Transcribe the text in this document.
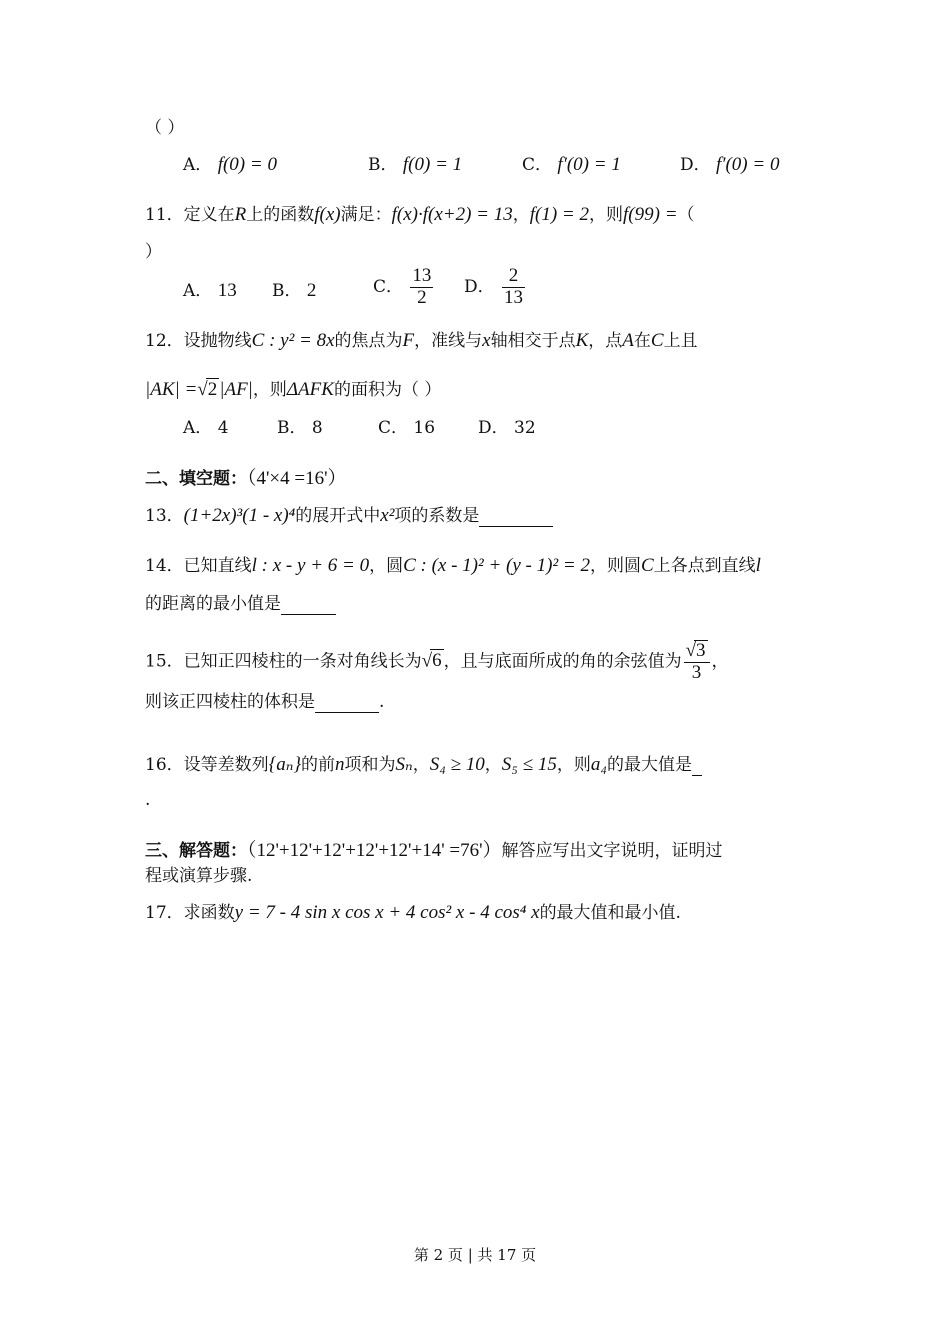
（ ）
A． f(0) = 0	B． f(0) = 1	C． f′(0) = 1	D． f′(0) = 0
11．定义在R上的函数f(x)满足：f(x)·f(x+2) = 13，f(1) = 2，则f(99) =（
）
A． 13 B． 2	C． $\frac{13}{2}$ D． $\frac{2}{13}$
12．设抛物线C : y² = 8x的焦点为F，准线与x轴相交于点K，点A在C上且
|AK| =√2 |AF|，则ΔAFK的面积为（ ）
A． 4	B． 8	C． 16	D． 32
二、填空题：（4'×4 =16'）
13．(1+2x)³(1 - x)⁴的展开式中x²项的系数是
14．已知直线l : x - y + 6 = 0，圆C : (x - 1)² + (y - 1)² = 2，则圆C上各点到直线l
的距离的最小值是
15．已知正四棱柱的一条对角线长为√6 ，且与底面所成的角的余弦值为 $\frac{√3}{3}$ ，
则该正四棱柱的体积是	.
16．设等差数列{aₙ}的前n项和为Sₙ，S₄ ≥ 10，S₅ ≤ 15，则a₄的最大值是
.
三、解答题：（12'+12'+12'+12'+12'+14' =76'）解答应写出文字说明，证明过
程或演算步骤.
17．求函数y = 7 - 4 sin x cos x + 4 cos² x - 4 cos⁴ x的最大值和最小值.
第 2 页 | 共 17 页
